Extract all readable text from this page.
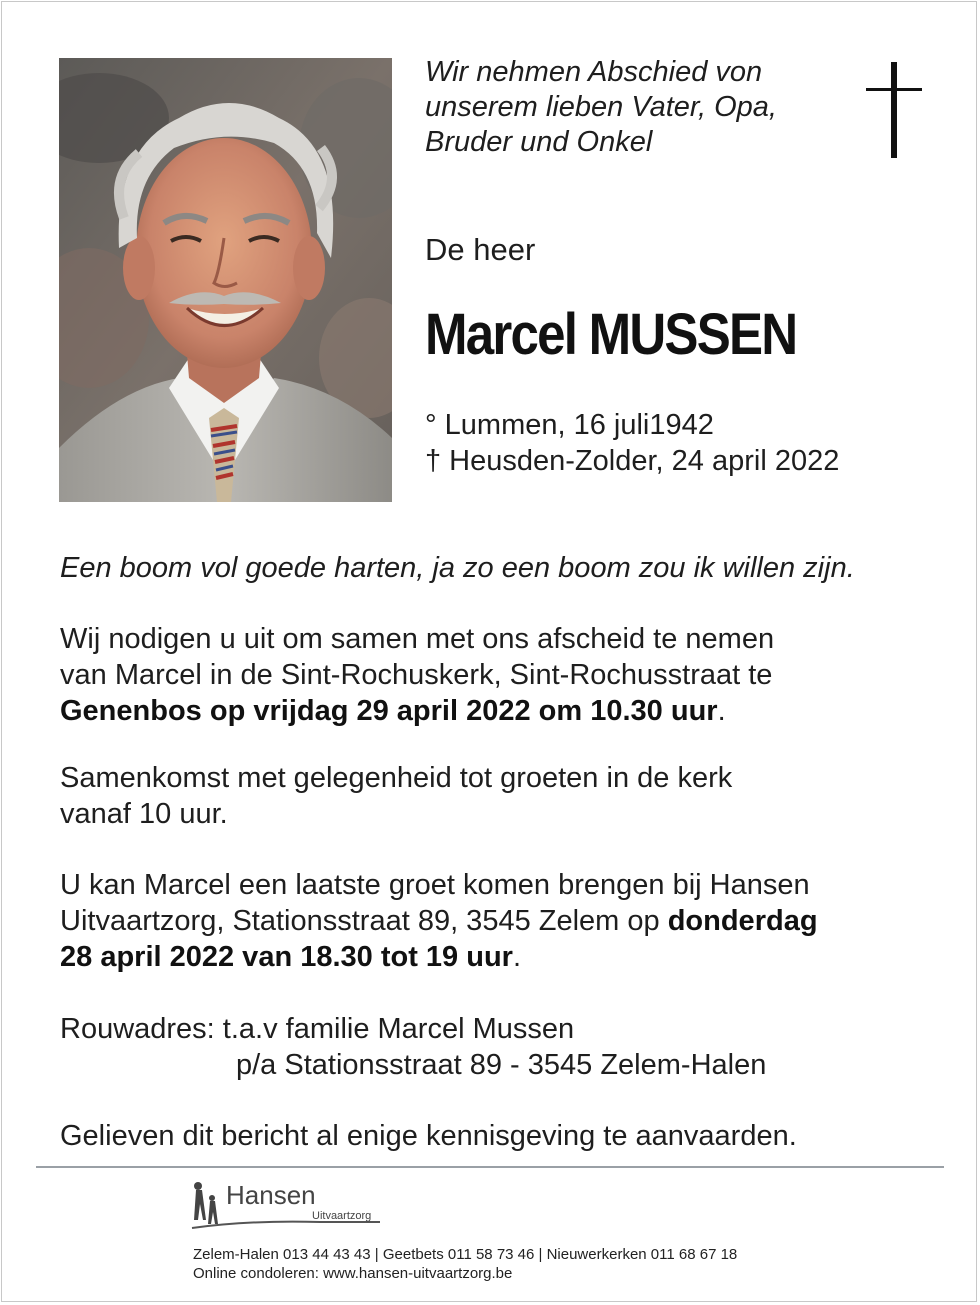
Wir nehmen Abschied von
unserem lieben Vater, Opa,
Bruder und Onkel
De heer
Marcel MUSSEN
° Lummen, 16 juli1942
† Heusden-Zolder, 24 april 2022
Een boom vol goede harten, ja zo een boom zou ik willen zijn.
Wij nodigen u uit om samen met ons afscheid te nemen
van Marcel in de Sint-Rochuskerk, Sint-Rochusstraat te
Genenbos op vrijdag 29 april 2022 om 10.30 uur.
Samenkomst met gelegenheid tot groeten in de kerk
vanaf 10 uur.
U kan Marcel een laatste groet komen brengen bij Hansen
Uitvaartzorg, Stationsstraat 89, 3545 Zelem op donderdag
28 april 2022 van 18.30 tot 19 uur.
Rouwadres: t.a.v familie Marcel Mussen
p/a Stationsstraat 89 - 3545 Zelem-Halen
Gelieven dit bericht al enige kennisgeving te aanvaarden.
Hansen
Uitvaartzorg
Zelem-Halen 013 44 43 43 | Geetbets 011 58 73 46 | Nieuwerkerken 011 68 67 18
Online condoleren: www.hansen-uitvaartzorg.be
